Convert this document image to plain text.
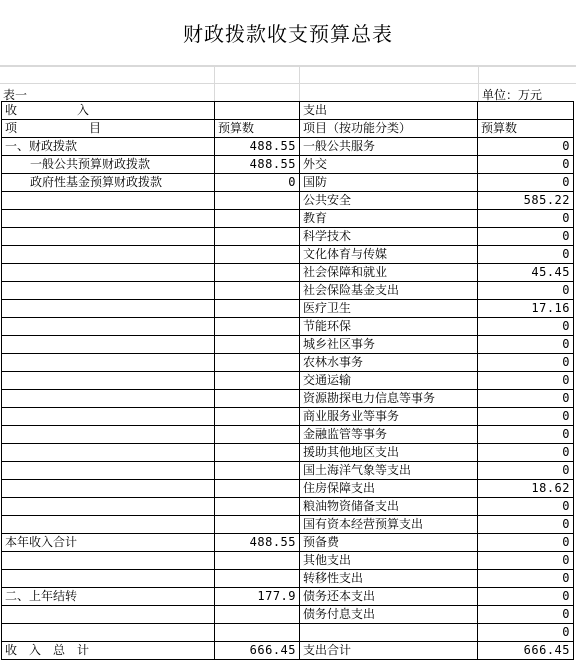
财政拨款收支预算总表
表一	单位：万元
收　　　　　入		支出	
项　　　　　　目	预算数	项目（按功能分类）	预算数
一、财政拨款	488.55	一般公共服务	0
一般公共预算财政拨款	488.55	外交	0
政府性基金预算财政拨款	0	国防	0
		公共安全	585.22
		教育	0
		科学技术	0
		文化体育与传媒	0
		社会保障和就业	45.45
		社会保险基金支出	0
		医疗卫生	17.16
		节能环保	0
		城乡社区事务	0
		农林水事务	0
		交通运输	0
		资源勘探电力信息等事务	0
		商业服务业等事务	0
		金融监管等事务	0
		援助其他地区支出	0
		国土海洋气象等支出	0
		住房保障支出	18.62
		粮油物资储备支出	0
		国有资本经营预算支出	0
本年收入合计	488.55	预备费	0
		其他支出	0
		转移性支出	0
二、上年结转	177.9	债务还本支出	0
		债务付息支出	0
			0
收　入　总　计	666.45	支出合计	666.45
